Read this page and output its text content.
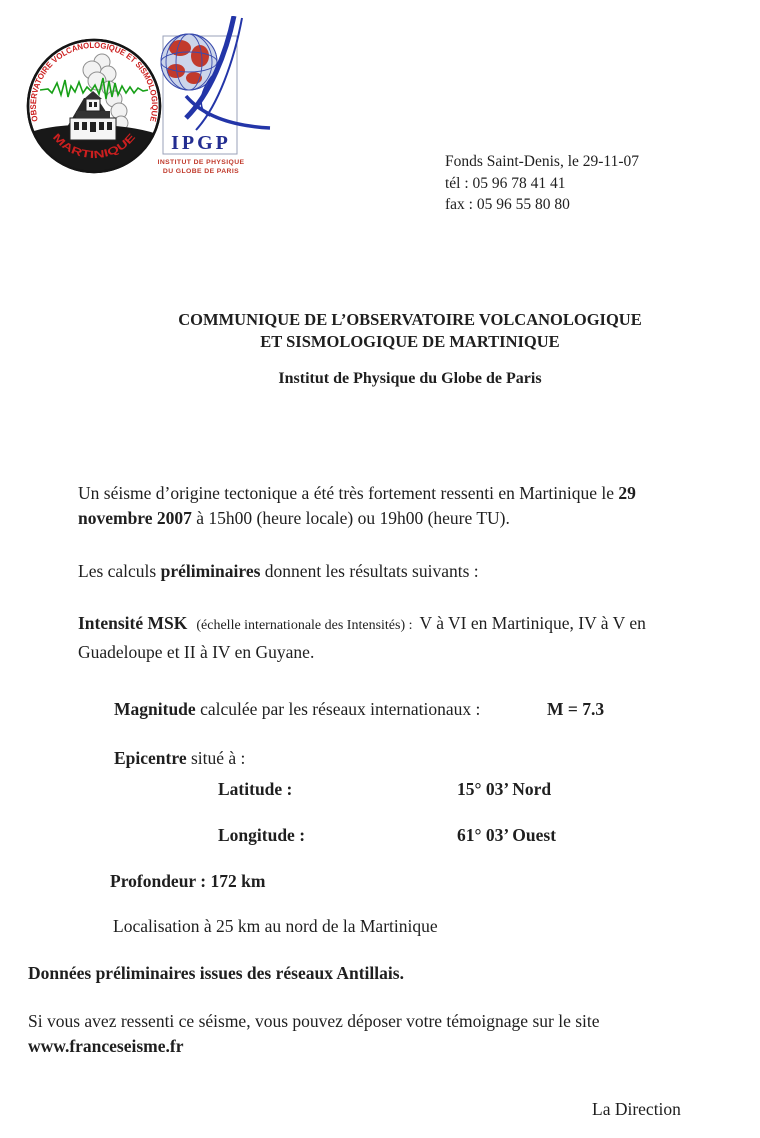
OBSERVATOIRE VOLCANOLOGIQUE ET SISMOLOGIQUE
MARTINIQUE IPGP
INSTITUT DE PHYSIQUE
DU GLOBE DE PARIS
Fonds Saint-Denis, le 29-11-07
tél : 05 96 78 41 41
fax : 05 96 55 80 80
COMMUNIQUE DE L’OBSERVATOIRE VOLCANOLOGIQUE
ET SISMOLOGIQUE DE MARTINIQUE
Institut de Physique du Globe de Paris
Un séisme d’origine tectonique a été très fortement ressenti en Martinique le 29
novembre 2007 à 15h00 (heure locale) ou 19h00 (heure TU).
Les calculs préliminaires donnent les résultats suivants :
Intensité MSK (échelle internationale des Intensités) : V à VI en Martinique, IV à V en
Guadeloupe et II à IV en Guyane.
Magnitude calculée par les réseaux internationaux :	M = 7.3
Epicentre situé à :
Latitude :	15° 03’ Nord
Longitude :	61° 03’ Ouest
Profondeur : 172 km
Localisation à 25 km au nord de la Martinique
Données préliminaires issues des réseaux Antillais.
Si vous avez ressenti ce séisme, vous pouvez déposer votre témoignage sur le site
www.franceseisme.fr
La Direction
